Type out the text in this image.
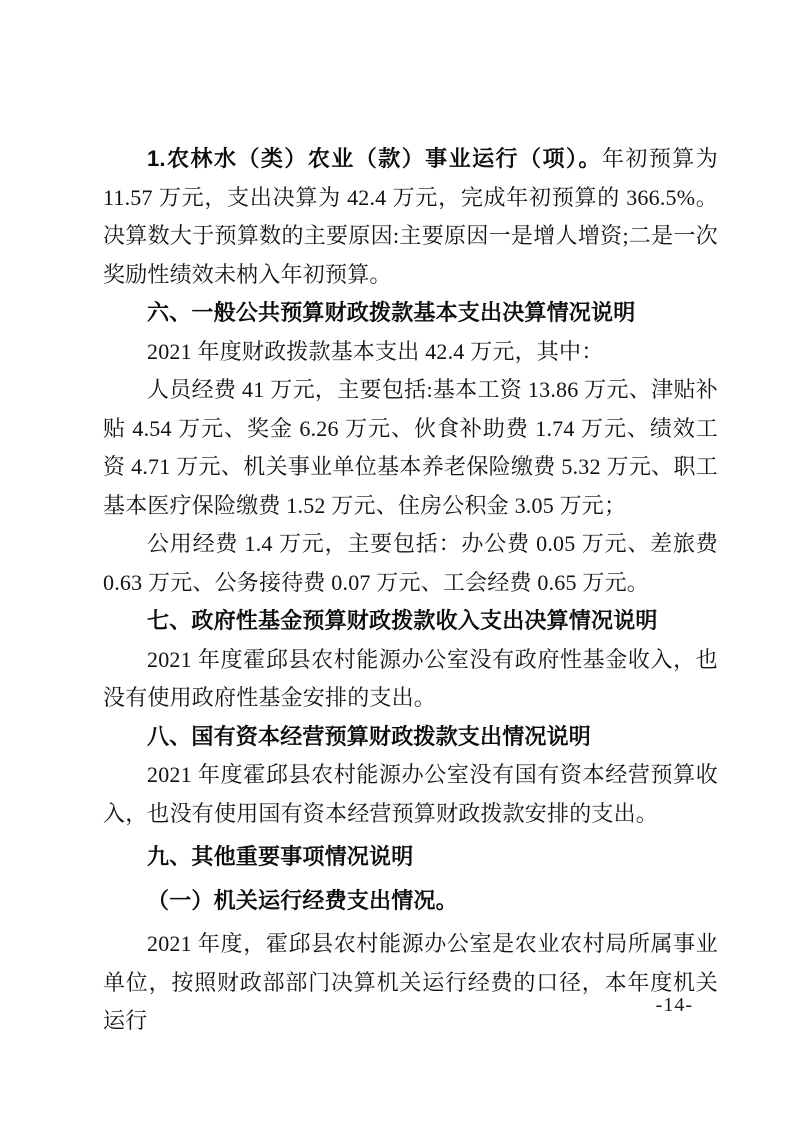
1.农林水（类）农业（款）事业运行（项）。年初预算为 11.57 万元，支出决算为 42.4 万元，完成年初预算的 366.5%。决算数大于预算数的主要原因:主要原因一是增人增资;二是一次奖励性绩效未枘入年初预算。

六、一般公共预算财政拨款基本支出决算情况说明

2021 年度财政拨款基本支出 42.4 万元，其中：

人员经费 41 万元，主要包括:基本工资 13.86 万元、津贴补贴 4.54 万元、奖金 6.26 万元、伙食补助费 1.74 万元、绩效工资 4.71 万元、机关事业单位基本养老保险缴费 5.32 万元、职工基本医疗保险缴费 1.52 万元、住房公积金 3.05 万元；

公用经费 1.4 万元，主要包括：办公费 0.05 万元、差旅费 0.63 万元、公务接待费 0.07 万元、工会经费 0.65 万元。

七、政府性基金预算财政拨款收入支出决算情况说明

2021 年度霍邱县农村能源办公室没有政府性基金收入，也没有使用政府性基金安排的支出。

八、国有资本经营预算财政拨款支出情况说明

2021 年度霍邱县农村能源办公室没有国有资本经营预算收入，也没有使用国有资本经营预算财政拨款安排的支出。

九、其他重要事项情况说明
（一）机关运行经费支出情况。

2021 年度，霍邱县农村能源办公室是农业农村局所属事业单位，按照财政部部门决算机关运行经费的口径，本年度机关运行

-14-
